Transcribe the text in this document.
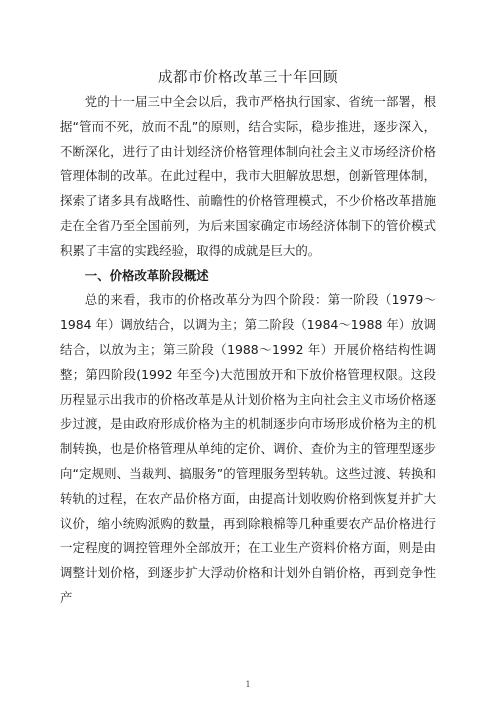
成都市价格改革三十年回顾

党的十一届三中全会以后，我市严格执行国家、省统一部署，根据“管而不死，放而不乱”的原则，结合实际，稳步推进，逐步深入，不断深化，进行了由计划经济价格管理体制向社会主义市场经济价格管理体制的改革。在此过程中，我市大胆解放思想，创新管理体制，探索了诸多具有战略性、前瞻性的价格管理模式，不少价格改革措施走在全省乃至全国前列，为后来国家确定市场经济体制下的管价模式积累了丰富的实践经验，取得的成就是巨大的。

一、价格改革阶段概述

总的来看，我市的价格改革分为四个阶段：第一阶段（1979～1984 年）调放结合，以调为主；第二阶段（1984～1988 年）放调结合，以放为主；第三阶段（1988～1992 年）开展价格结构性调整；第四阶段(1992 年至今)大范围放开和下放价格管理权限。这段历程显示出我市的价格改革是从计划价格为主向社会主义市场价格逐步过渡，是由政府形成价格为主的机制逐步向市场形成价格为主的机制转换，也是价格管理从单纯的定价、调价、查价为主的管理型逐步向“定规则、当裁判、搞服务”的管理服务型转轨。这些过渡、转换和转轨的过程，在农产品价格方面，由提高计划收购价格到恢复并扩大议价，缩小统购派购的数量，再到除粮棉等几种重要农产品价格进行一定程度的调控管理外全部放开；在工业生产资料价格方面，则是由调整计划价格，到逐步扩大浮动价格和计划外自销价格，再到竞争性产

1
